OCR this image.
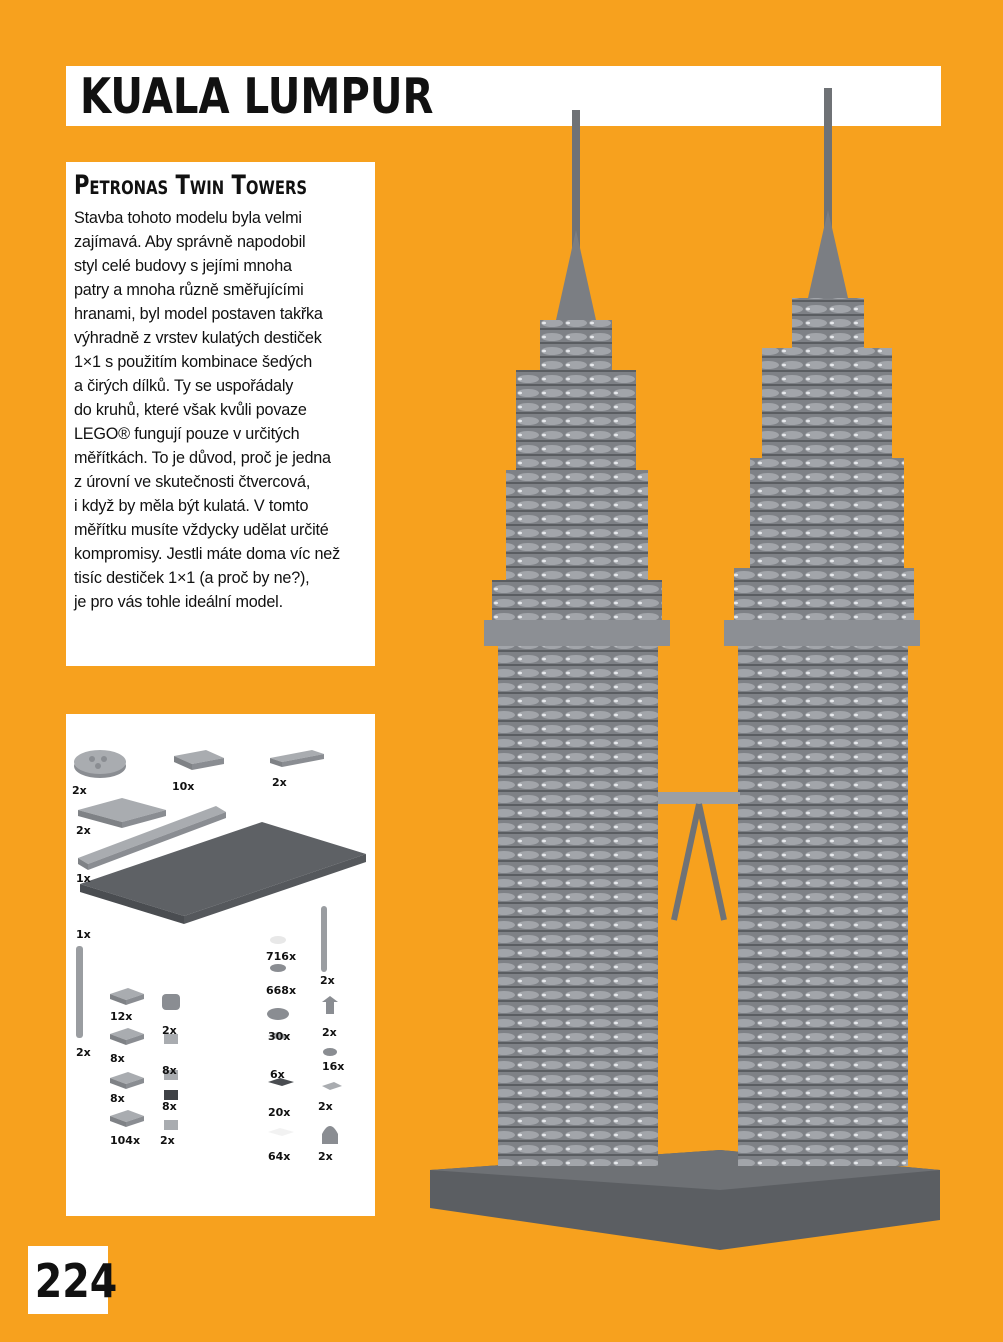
KUALA LUMPUR
Petronas Twin Towers

Stavba tohoto modelu byla velmi
zajímavá. Aby správně napodobil
styl celé budovy s jejími mnoha
patry a mnoha různě směřujícími
hranami, byl model postaven takřka
výhradně z vrstev kulatých destiček
1×1 s použitím kombinace šedých
a čirých dílků. Ty se uspořádaly
do kruhů, které však kvůli povaze
LEGO® fungují pouze v určitých
měřítkách. To je důvod, proč je jedna
z úrovní ve skutečnosti čtvercová,
i když by měla být kulatá. V tomto
měřítku musíte vždycky udělat určité
kompromisy. Jestli máte doma víc než
tisíc destiček 1×1 (a proč by ne?),
je pro vás tohle ideální model.

2x	10x	2x
2x
1x
1x
2x
12x
2x
8x
8x
8x
8x
104x 2x
716x
668x
30x
6x
20x
64x
2x
2x
16x
2x
2x
224
